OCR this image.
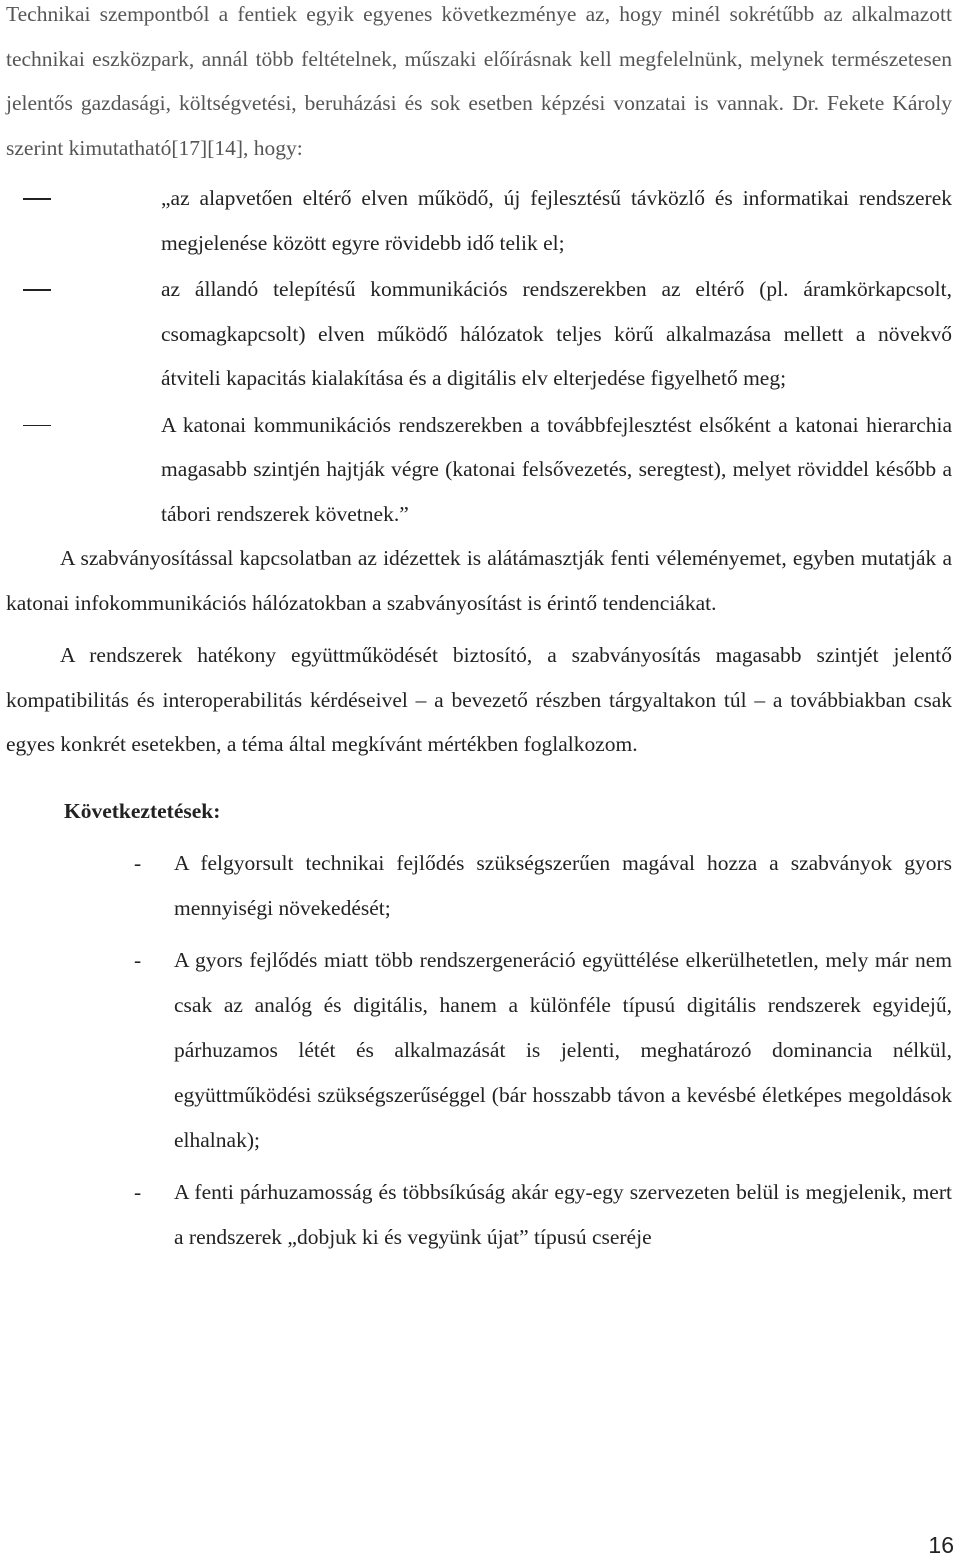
Technikai szempontból a fentiek egyik egyenes következménye az, hogy minél sokrétűbb az alkalmazott technikai eszközpark, annál több feltételnek, műszaki előírásnak kell megfelelnünk, melynek természetesen jelentős gazdasági, költségvetési, beruházási és sok esetben képzési vonzatai is vannak. Dr. Fekete Károly szerint kimutatható[17][14], hogy:

„az alapvetően eltérő elven működő, új fejlesztésű távközlő és informatikai rendszerek megjelenése között egyre rövidebb idő telik el;
az állandó telepítésű kommunikációs rendszerekben az eltérő (pl. áramkörkapcsolt, csomagkapcsolt) elven működő hálózatok teljes körű alkalmazása mellett a növekvő átviteli kapacitás kialakítása és a digitális elv elterjedése figyelhető meg;
A katonai kommunikációs rendszerekben a továbbfejlesztést elsőként a katonai hierarchia magasabb szintjén hajtják végre (katonai felsővezetés, seregtest), melyet röviddel később a tábori rendszerek követnek.”

A szabványosítással kapcsolatban az idézettek is alátámasztják fenti véleményemet, egyben mutatják a katonai infokommunikációs hálózatokban a szabványosítást is érintő tendenciákat.

A rendszerek hatékony együttműködését biztosító, a szabványosítás magasabb szintjét jelentő kompatibilitás és interoperabilitás kérdéseivel – a bevezető részben tárgyaltakon túl – a továbbiakban csak egyes konkrét esetekben, a téma által megkívánt mértékben foglalkozom.

Következtetések:
- A felgyorsult technikai fejlődés szükségszerűen magával hozza a szabványok gyors mennyiségi növekedését;
- A gyors fejlődés miatt több rendszergeneráció együttélése elkerülhetetlen, mely már nem csak az analóg és digitális, hanem a különféle típusú digitális rendszerek egyidejű, párhuzamos létét és alkalmazását is jelenti, meghatározó dominancia nélkül, együttműködési szükségszerűséggel (bár hosszabb távon a kevésbé életképes megoldások elhalnak);
- A fenti párhuzamosság és többsíkúság akár egy-egy szervezeten belül is megjelenik, mert a rendszerek „dobjuk ki és vegyünk újat” típusú cseréje
16
